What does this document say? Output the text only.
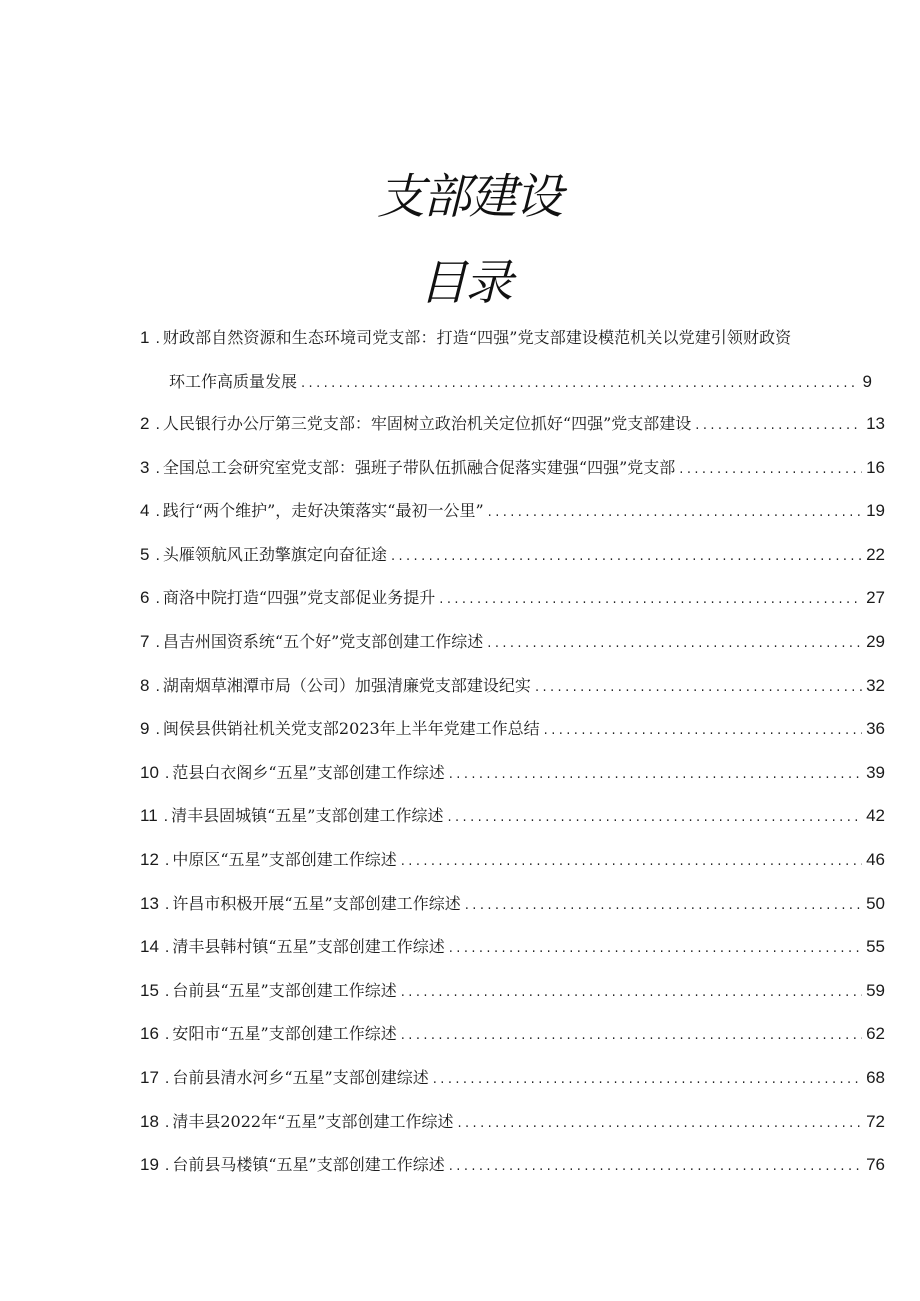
支部建设
目录
1 . 财政部自然资源和生态环境司党支部：打造“四强”党支部建设模范机关以党建引领财政资
环工作高质量发展 .....	9
2 . 人民银行办公厅第三党支部：牢固树立政治机关定位抓好“四强”党支部建设 .....	13
3 . 全国总工会研究室党支部：强班子带队伍抓融合促落实建强“四强”党支部 .....	16
4 . 践行“两个维护”，走好决策落实“最初一公里” .....	19
5 . 头雁领航风正劲擎旗定向奋征途 .....	22
6 . 商洛中院打造“四强”党支部促业务提升 .....	27
7 . 昌吉州国资系统“五个好”党支部创建工作综述 .....	29
8 . 湖南烟草湘潭市局（公司）加强清廉党支部建设纪实 .....	32
9 . 闽侯县供销社机关党支部2023年上半年党建工作总结 .....	36
10 . 范县白衣阁乡“五星”支部创建工作综述 .....	39
11 . 清丰县固城镇“五星”支部创建工作综述 .....	42
12 . 中原区“五星”支部创建工作综述 .....	46
13 . 许昌市积极开展“五星”支部创建工作综述 .....	50
14 . 清丰县韩村镇“五星”支部创建工作综述 .....	55
15 . 台前县“五星”支部创建工作综述 .....	59
16 . 安阳市“五星”支部创建工作综述 .....	62
17 . 台前县清水河乡“五星”支部创建综述 .....	68
18 . 清丰县2022年“五星”支部创建工作综述 .....	72
19 . 台前县马楼镇“五星”支部创建工作综述 .....	76
